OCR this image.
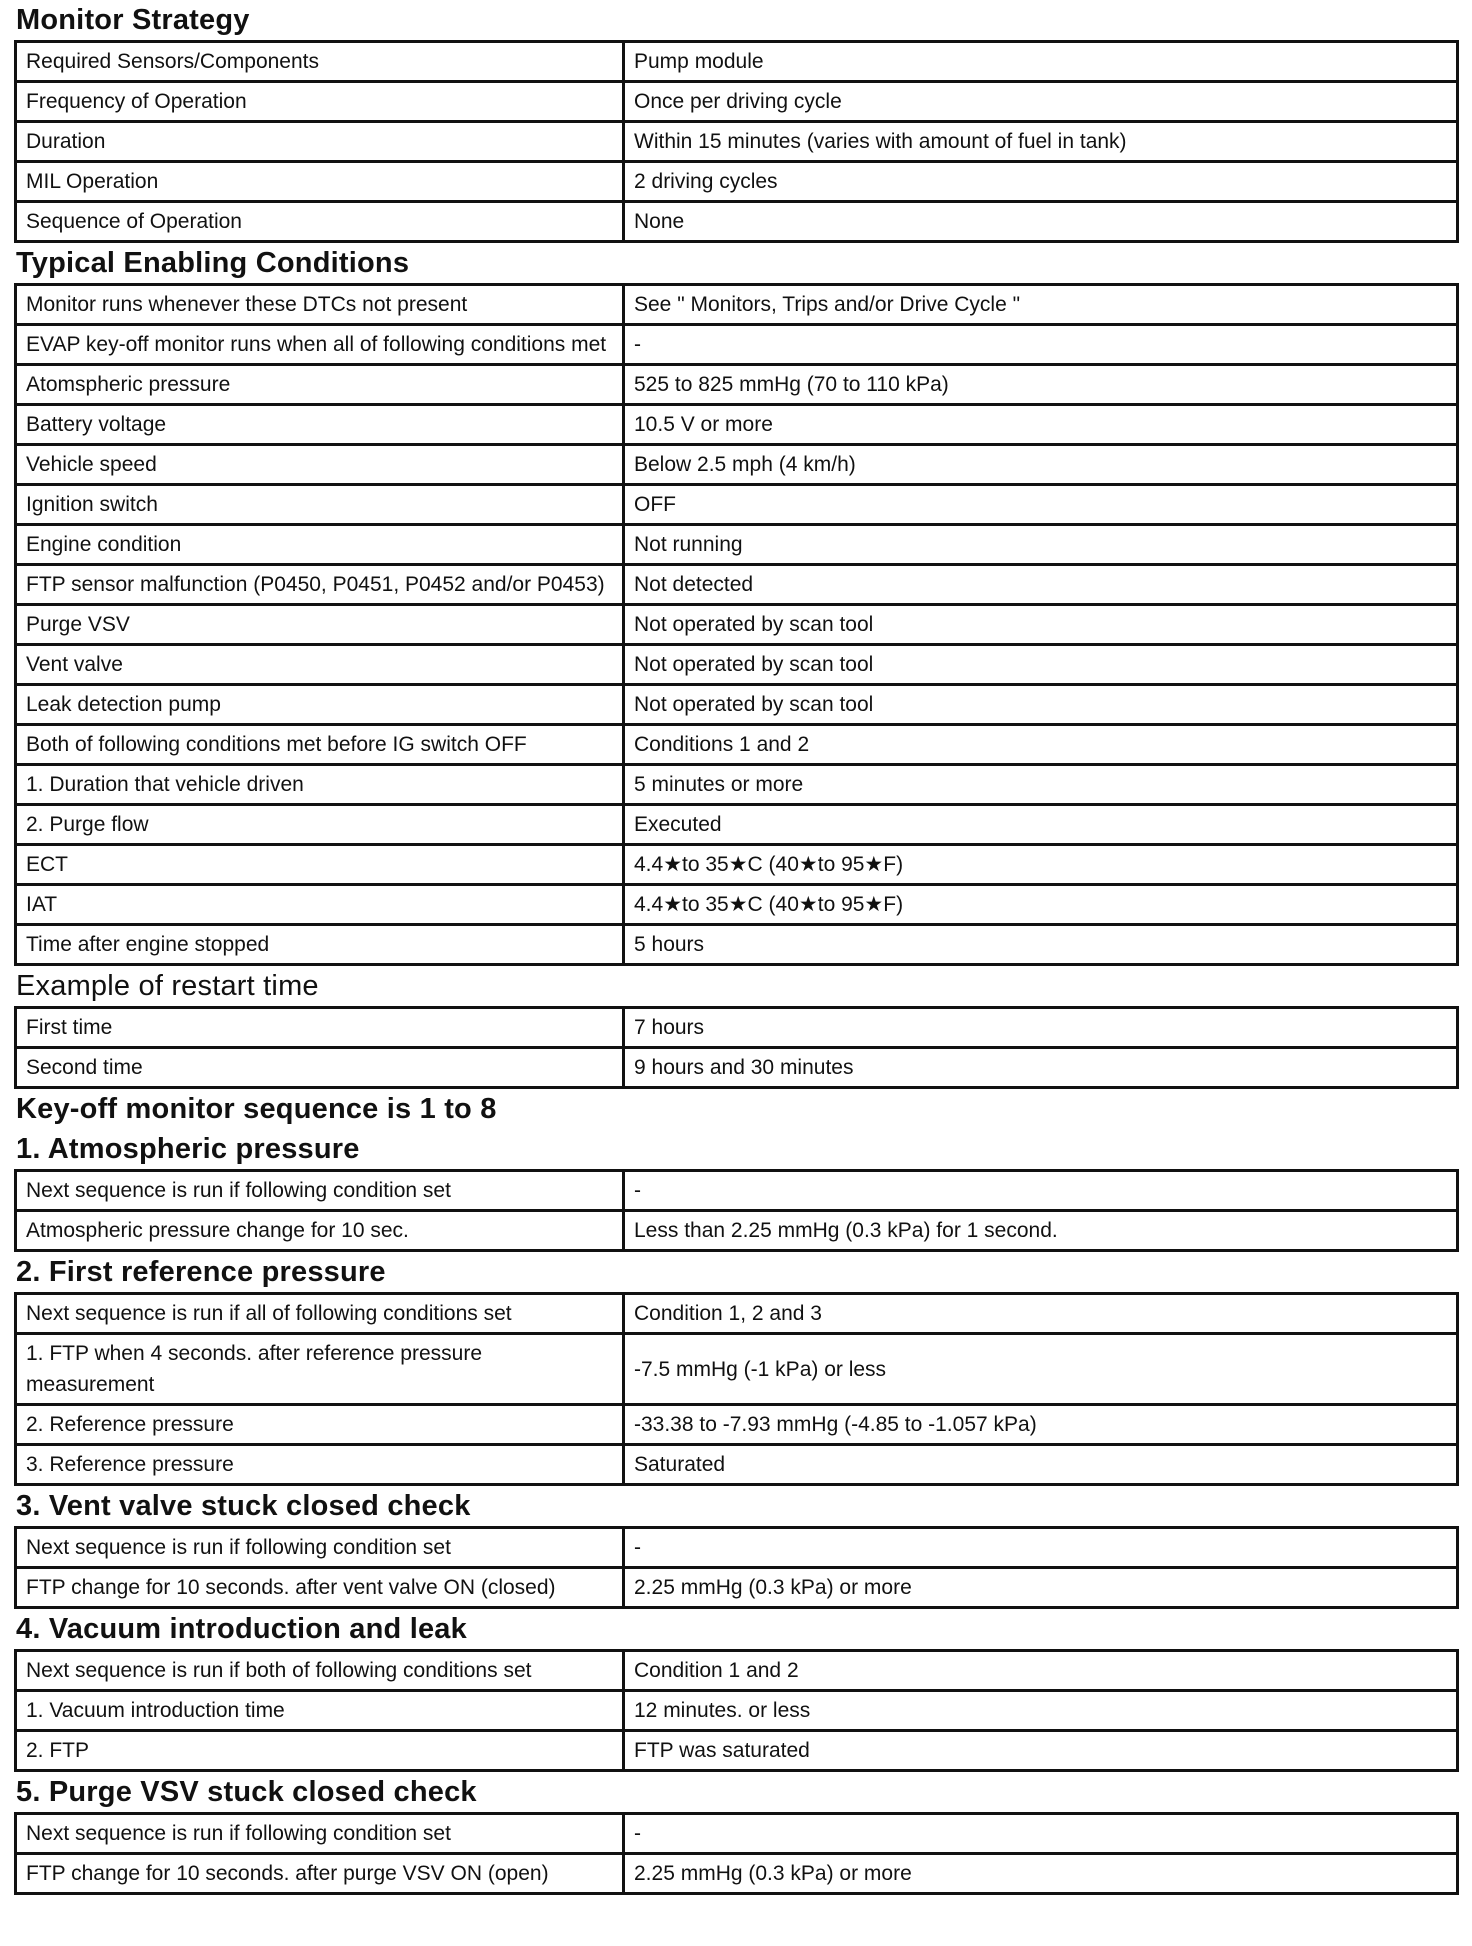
Monitor Strategy
Required Sensors/Components	Pump module
Frequency of Operation	Once per driving cycle
Duration	Within 15 minutes (varies with amount of fuel in tank)
MIL Operation	2 driving cycles
Sequence of Operation	None
Typical Enabling Conditions
Monitor runs whenever these DTCs not present	See " Monitors, Trips and/or Drive Cycle "
EVAP key-off monitor runs when all of following conditions met	-
Atomspheric pressure	525 to 825 mmHg (70 to 110 kPa)
Battery voltage	10.5 V or more
Vehicle speed	Below 2.5 mph (4 km/h)
Ignition switch	OFF
Engine condition	Not running
FTP sensor malfunction (P0450, P0451, P0452 and/or P0453)	Not detected
Purge VSV	Not operated by scan tool
Vent valve	Not operated by scan tool
Leak detection pump	Not operated by scan tool
Both of following conditions met before IG switch OFF	Conditions 1 and 2
1. Duration that vehicle driven	5 minutes or more
2. Purge flow	Executed
ECT	4.4★to 35★C (40★to 95★F)
IAT	4.4★to 35★C (40★to 95★F)
Time after engine stopped	5 hours
Example of restart time
First time	7 hours
Second time	9 hours and 30 minutes
Key-off monitor sequence is 1 to 8
1. Atmospheric pressure
Next sequence is run if following condition set	-
Atmospheric pressure change for 10 sec.	Less than 2.25 mmHg (0.3 kPa) for 1 second.
2. First reference pressure
Next sequence is run if all of following conditions set	Condition 1, 2 and 3
1. FTP when 4 seconds. after reference pressure measurement	-7.5 mmHg (-1 kPa) or less
2. Reference pressure	-33.38 to -7.93 mmHg (-4.85 to -1.057 kPa)
3. Reference pressure	Saturated
3. Vent valve stuck closed check
Next sequence is run if following condition set	-
FTP change for 10 seconds. after vent valve ON (closed)	2.25 mmHg (0.3 kPa) or more
4. Vacuum introduction and leak
Next sequence is run if both of following conditions set	Condition 1 and 2
1. Vacuum introduction time	12 minutes. or less
2. FTP	FTP was saturated
5. Purge VSV stuck closed check
Next sequence is run if following condition set	-
FTP change for 10 seconds. after purge VSV ON (open)	2.25 mmHg (0.3 kPa) or more
